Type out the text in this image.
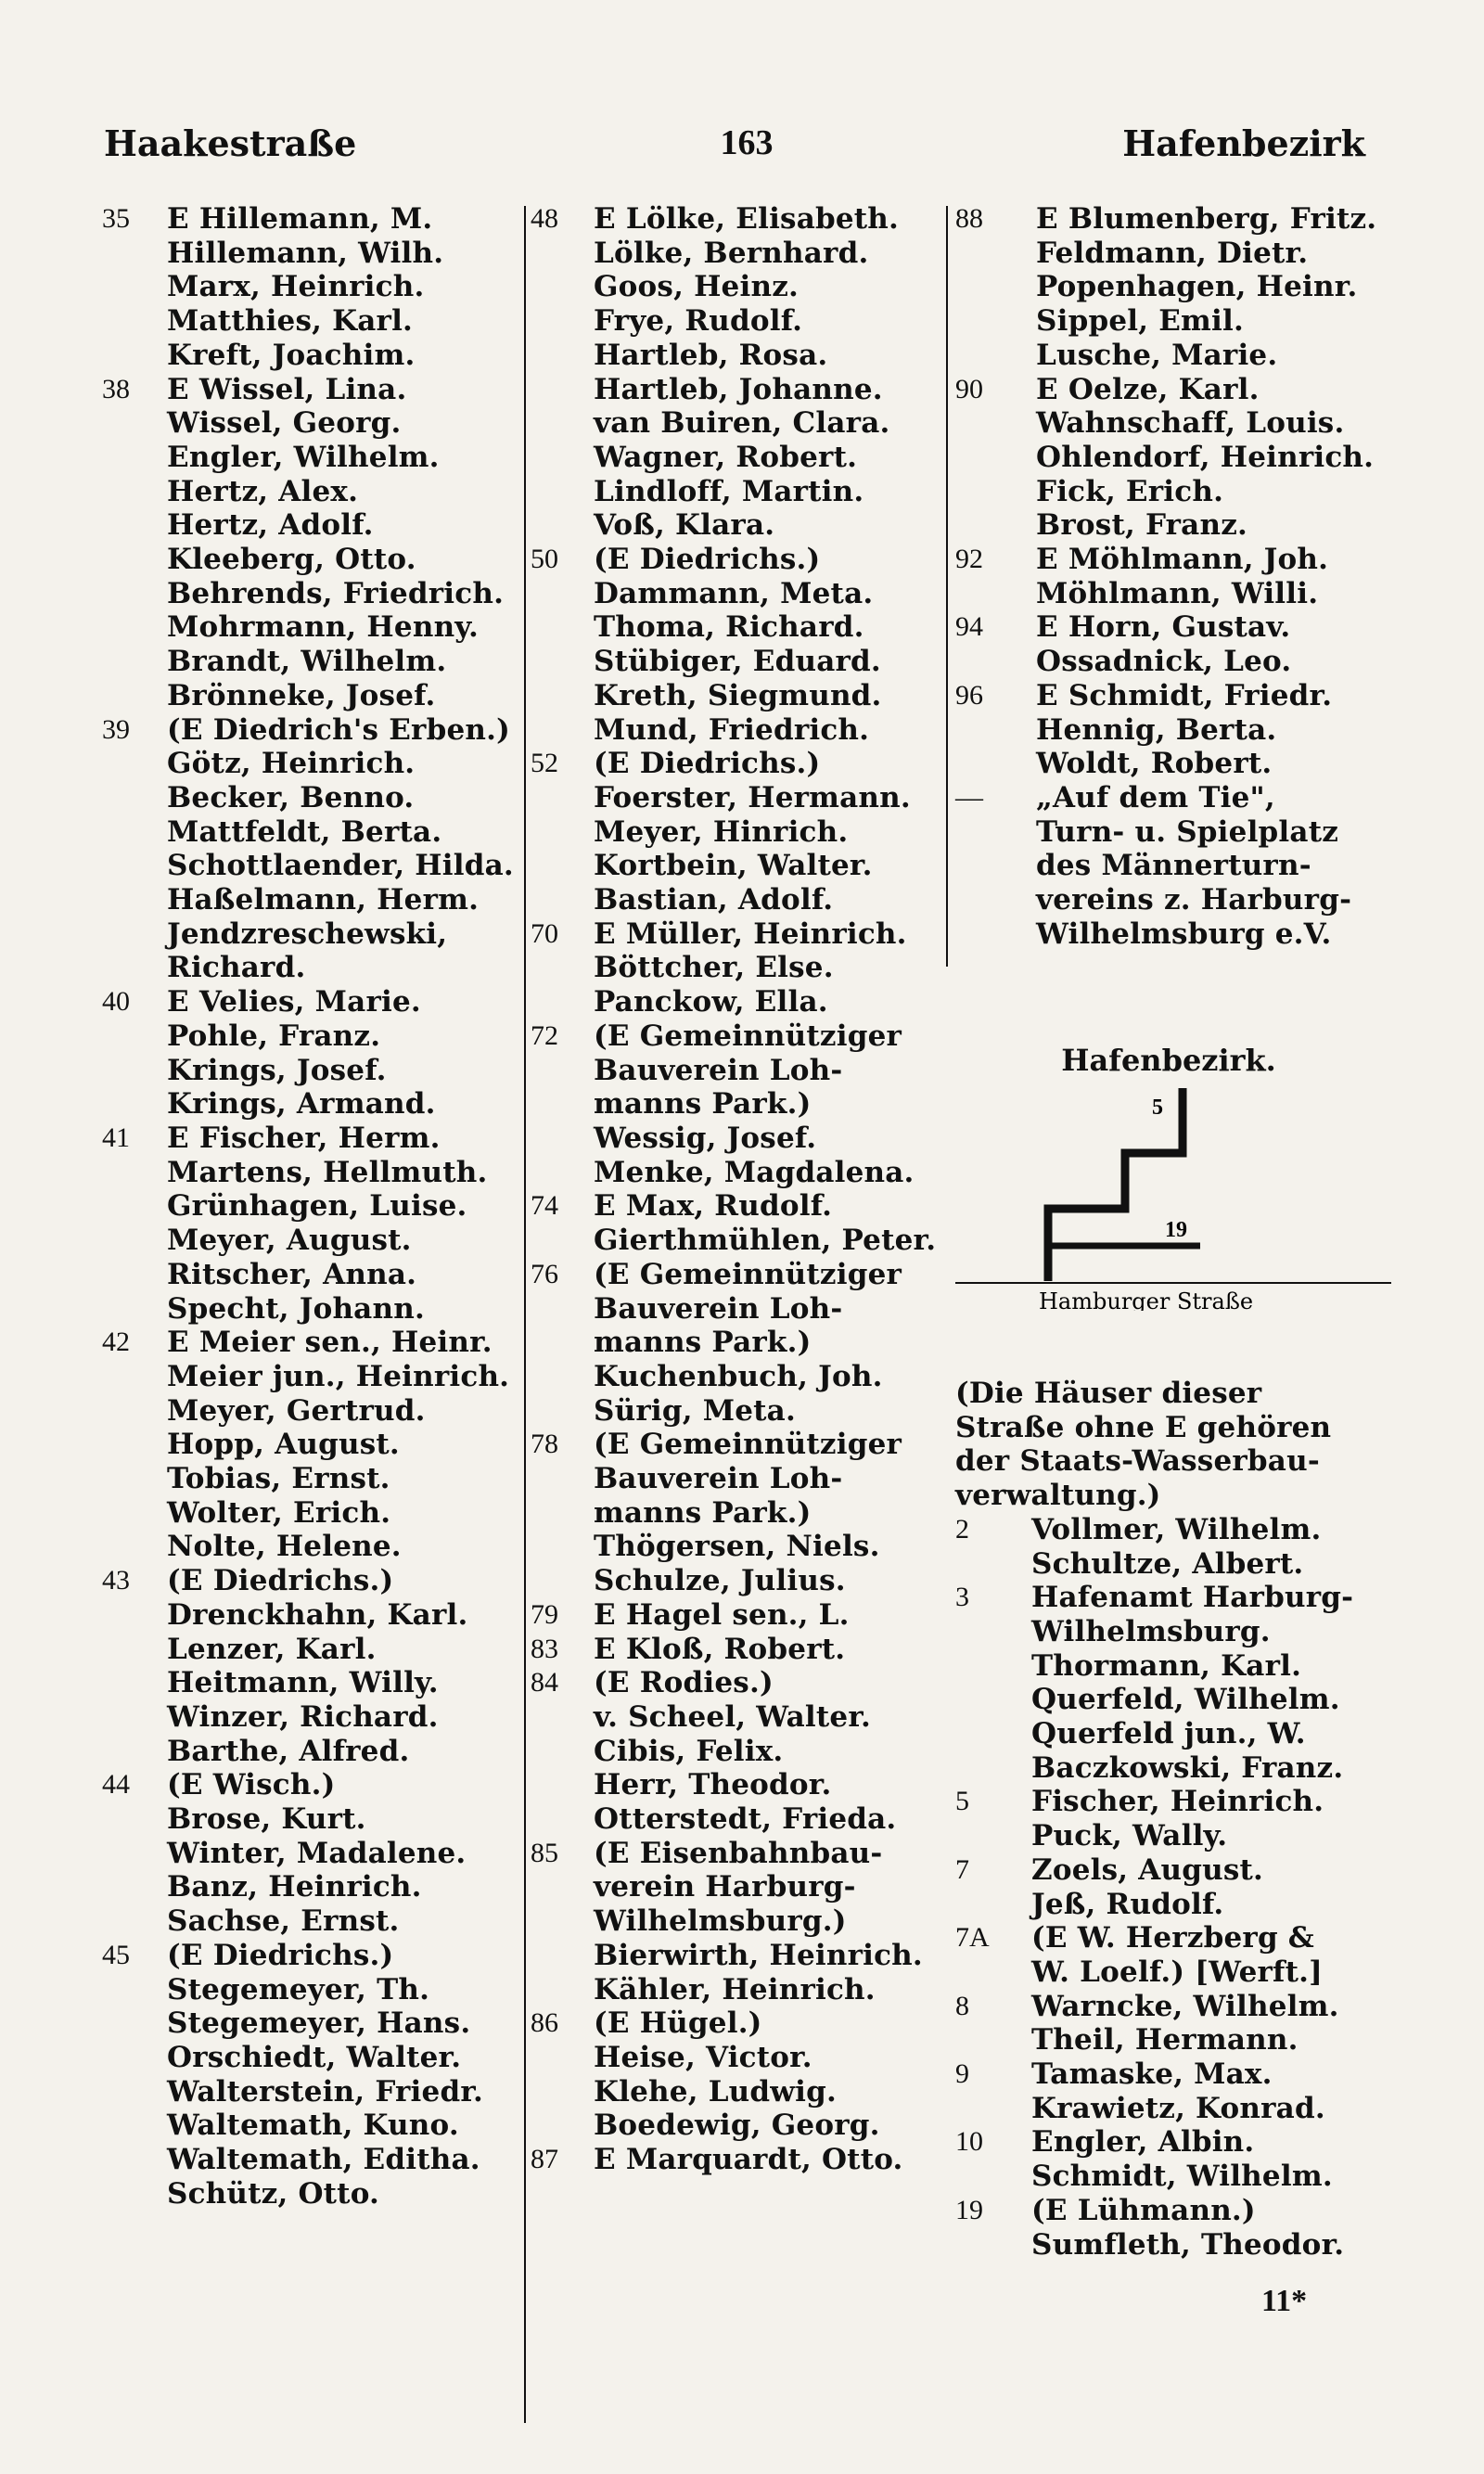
Haakestraße	163	Hafenbezirk
35 E Hillemann, M.
Hillemann, Wilh.
Marx, Heinrich.
Matthies, Karl.
Kreft, Joachim.
38 E Wissel, Lina.
Wissel, Georg.
Engler, Wilhelm.
Hertz, Alex.
Hertz, Adolf.
Kleeberg, Otto.
Behrends, Friedrich.
Mohrmann, Henny.
Brandt, Wilhelm.
Brönneke, Josef.
39 (E Diedrich's Erben.)
Götz, Heinrich.
Becker, Benno.
Mattfeldt, Berta.
Schottlaender, Hilda.
Haßelmann, Herm.
Jendzreschewski,
Richard.
40 E Velies, Marie.
Pohle, Franz.
Krings, Josef.
Krings, Armand.
41 E Fischer, Herm.
Martens, Hellmuth.
Grünhagen, Luise.
Meyer, August.
Ritscher, Anna.
Specht, Johann.
42 E Meier sen., Heinr.
Meier jun., Heinrich.
Meyer, Gertrud.
Hopp, August.
Tobias, Ernst.
Wolter, Erich.
Nolte, Helene.
43 (E Diedrichs.)
Drenckhahn, Karl.
Lenzer, Karl.
Heitmann, Willy.
Winzer, Richard.
Barthe, Alfred.
44 (E Wisch.)
Brose, Kurt.
Winter, Madalene.
Banz, Heinrich.
Sachse, Ernst.
45 (E Diedrichs.)
Stegemeyer, Th.
Stegemeyer, Hans.
Orschiedt, Walter.
Walterstein, Friedr.
Waltemath, Kuno.
Waltemath, Editha.
Schütz, Otto.
48 E Lölke, Elisabeth.
Lölke, Bernhard.
Goos, Heinz.
Frye, Rudolf.
Hartleb, Rosa.
Hartleb, Johanne.
van Buiren, Clara.
Wagner, Robert.
Lindloff, Martin.
Voß, Klara.
50 (E Diedrichs.)
Dammann, Meta.
Thoma, Richard.
Stübiger, Eduard.
Kreth, Siegmund.
Mund, Friedrich.
52 (E Diedrichs.)
Foerster, Hermann.
Meyer, Hinrich.
Kortbein, Walter.
Bastian, Adolf.
70 E Müller, Heinrich.
Böttcher, Else.
Panckow, Ella.
72 (E Gemeinnütziger
Bauverein Loh-
manns Park.)
Wessig, Josef.
Menke, Magdalena.
74 E Max, Rudolf.
Gierthmühlen, Peter.
76 (E Gemeinnütziger
Bauverein Loh-
manns Park.)
Kuchenbuch, Joh.
Sürig, Meta.
78 (E Gemeinnütziger
Bauverein Loh-
manns Park.)
Thögersen, Niels.
Schulze, Julius.
79 E Hagel sen., L.
83 E Kloß, Robert.
84 (E Rodies.)
v. Scheel, Walter.
Cibis, Felix.
Herr, Theodor.
Otterstedt, Frieda.
85 (E Eisenbahnbau-
verein Harburg-
Wilhelmsburg.)
Bierwirth, Heinrich.
Kähler, Heinrich.
86 (E Hügel.)
Heise, Victor.
Klehe, Ludwig.
Boedewig, Georg.
87 E Marquardt, Otto.
88 E Blumenberg, Fritz.
Feldmann, Dietr.
Popenhagen, Heinr.
Sippel, Emil.
Lusche, Marie.
90 E Oelze, Karl.
Wahnschaff, Louis.
Ohlendorf, Heinrich.
Fick, Erich.
Brost, Franz.
92 E Möhlmann, Joh.
Möhlmann, Willi.
94 E Horn, Gustav.
Ossadnick, Leo.
96 E Schmidt, Friedr.
Hennig, Berta.
Woldt, Robert.
— „Auf dem Tie",
Turn- u. Spielplatz
des Männerturn-
vereins z. Harburg-
Wilhelmsburg e.V.
Hafenbezirk.
5
19
Hamburger Straße
(Die Häuser dieser
Straße ohne E gehören
der Staats-Wasserbau-
verwaltung.)
2 Vollmer, Wilhelm.
Schultze, Albert.
3 Hafenamt Harburg-
Wilhelmsburg.
Thormann, Karl.
Querfeld, Wilhelm.
Querfeld jun., W.
Baczkowski, Franz.
5 Fischer, Heinrich.
Puck, Wally.
7 Zoels, August.
Jeß, Rudolf.
7A (E W. Herzberg &
W. Loelf.) [Werft.]
8 Warncke, Wilhelm.
Theil, Hermann.
9 Tamaske, Max.
Krawietz, Konrad.
10 Engler, Albin.
Schmidt, Wilhelm.
19 (E Lühmann.)
Sumfleth, Theodor.
11*
